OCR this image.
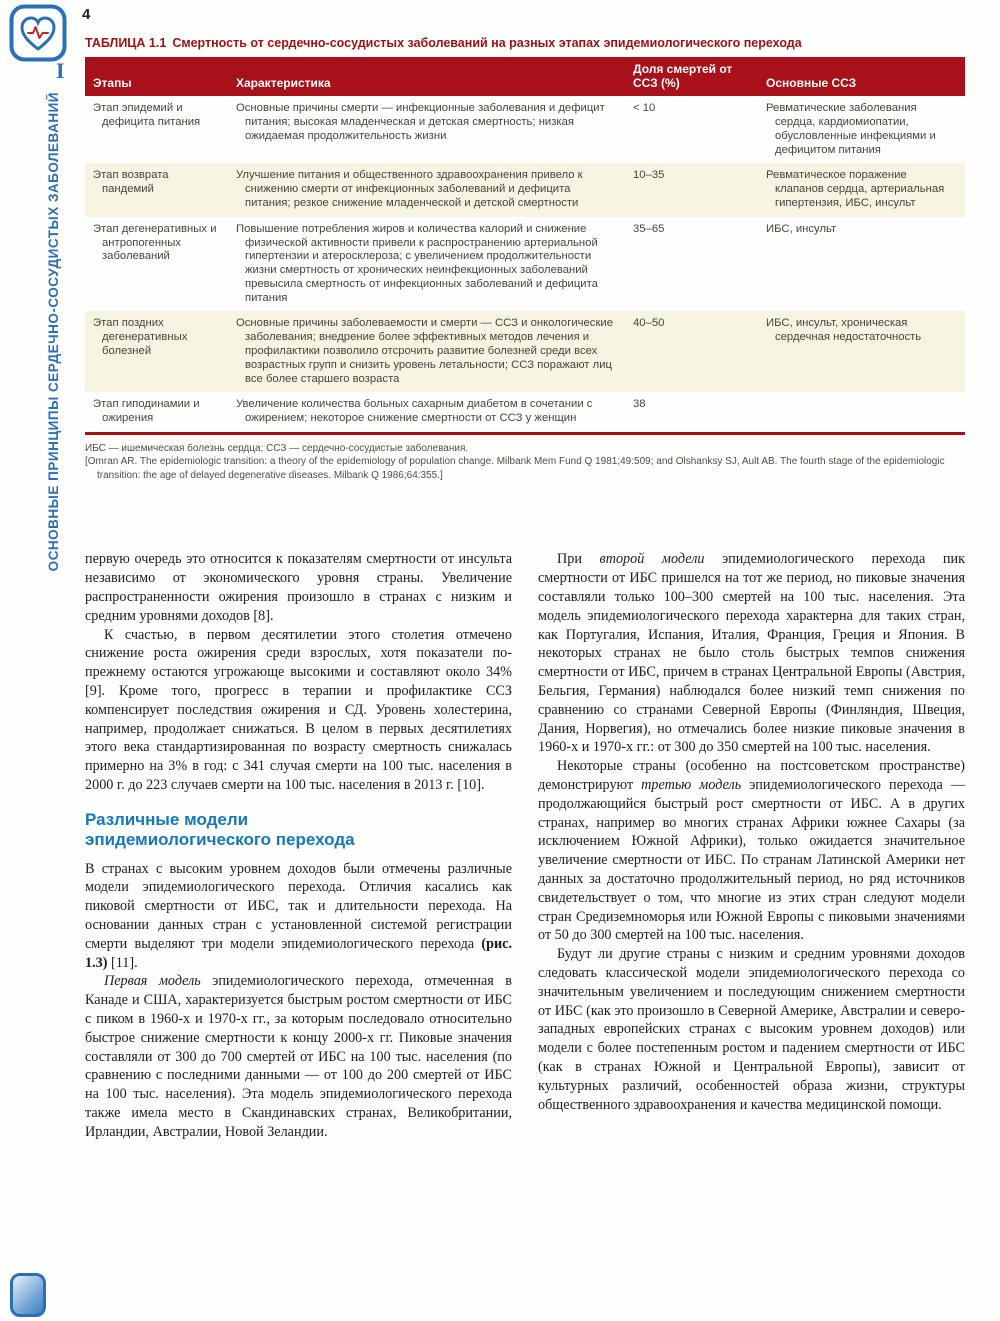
4
I
ОСНОВНЫЕ ПРИНЦИПЫ СЕРДЕЧНО-СОСУДИСТЫХ ЗАБОЛЕВАНИЙ
ТАБЛИЦА 1.1 Смертность от сердечно-сосудистых заболеваний на разных этапах эпидемиологического перехода
Этапы	Характеристика	Доля смертей от ССЗ (%)	Основные ССЗ
Этап эпидемий и дефицита питания	Основные причины смерти — инфекционные заболевания и дефицит питания; высокая младенческая и детская смертность; низкая ожидаемая продолжительность жизни	< 10	Ревматические заболевания сердца, кардиомиопатии, обусловленные инфекциями и дефицитом питания
Этап возврата пандемий	Улучшение питания и общественного здравоохранения привело к снижению смерти от инфекционных заболеваний и дефицита питания; резкое снижение младенческой и детской смертности	10–35	Ревматическое поражение клапанов сердца, артериальная гипертензия, ИБС, инсульт
Этап дегенеративных и антропогенных заболеваний	Повышение потребления жиров и количества калорий и снижение физической активности привели к распространению артериальной гипертензии и атеросклероза; с увеличением продолжительности жизни смертность от хронических неинфекционных заболеваний превысила смертность от инфекционных заболеваний и дефицита питания	35–65	ИБС, инсульт
Этап поздних дегенеративных болезней	Основные причины заболеваемости и смерти — ССЗ и онкологические заболевания; внедрение более эффективных методов лечения и профилактики позволило отсрочить развитие болезней среди всех возрастных групп и снизить уровень летальности; ССЗ поражают лиц все более старшего возраста	40–50	ИБС, инсульт, хроническая сердечная недостаточность
Этап гиподинамии и ожирения	Увеличение количества больных сахарным диабетом в сочетании с ожирением; некоторое снижение смертности от ССЗ у женщин	38	
ИБС — ишемическая болезнь сердца; ССЗ — сердечно-сосудистые заболевания.
[Omran AR. The epidemiologic transition: a theory of the epidemiology of population change. Milbank Mem Fund Q 1981;49:509; and Olshanksy SJ, Ault AB. The fourth stage of the epidemiologic transition: the age of delayed degenerative diseases. Milbank Q 1986;64:355.]

первую очередь это относится к показателям смертности от инсульта независимо от экономического уровня страны. Увеличение распространенности ожирения произошло в странах с низким и средним уровнями доходов [8].

К счастью, в первом десятилетии этого столетия отмечено снижение роста ожирения среди взрослых, хотя показатели по-прежнему остаются угрожающе высокими и составляют около 34% [9]. Кроме того, прогресс в терапии и профилактике ССЗ компенсирует последствия ожирения и СД. Уровень холестерина, например, продолжает снижаться. В целом в первых десятилетиях этого века стандартизированная по возрасту смертность снижалась примерно на 3% в год: с 341 случая смерти на 100 тыс. населения в 2000 г. до 223 случаев смерти на 100 тыс. населения в 2013 г. [10].

Различные модели эпидемиологического перехода

В странах с высоким уровнем доходов были отмечены различные модели эпидемиологического перехода. Отличия касались как пиковой смертности от ИБС, так и длительности перехода. На основании данных стран с установленной системой регистрации смерти выделяют три модели эпидемиологического перехода (рис. 1.3) [11].

Первая модель эпидемиологического перехода, отмеченная в Канаде и США, характеризуется быстрым ростом смертности от ИБС с пиком в 1960-х и 1970-х гг., за которым последовало относительно быстрое снижение смертности к концу 2000-х гг. Пиковые значения составляли от 300 до 700 смертей от ИБС на 100 тыс. населения (по сравнению с последними данными — от 100 до 200 смертей от ИБС на 100 тыс. населения). Эта модель эпидемиологического перехода также имела место в Скандинавских странах, Великобритании, Ирландии, Австралии, Новой Зеландии.

При второй модели эпидемиологического перехода пик смертности от ИБС пришелся на тот же период, но пиковые значения составляли только 100–300 смертей на 100 тыс. населения. Эта модель эпидемиологического перехода характерна для таких стран, как Португалия, Испания, Италия, Франция, Греция и Япония. В некоторых странах не было столь быстрых темпов снижения смертности от ИБС, причем в странах Центральной Европы (Австрия, Бельгия, Германия) наблюдался более низкий темп снижения по сравнению со странами Северной Европы (Финляндия, Швеция, Дания, Норвегия), но отмечались более низкие пиковые значения в 1960-х и 1970-х гг.: от 300 до 350 смертей на 100 тыс. населения.

Некоторые страны (особенно на постсоветском пространстве) демонстрируют третью модель эпидемиологического перехода — продолжающийся быстрый рост смертности от ИБС. А в других странах, например во многих странах Африки южнее Сахары (за исключением Южной Африки), только ожидается значительное увеличение смертности от ИБС. По странам Латинской Америки нет данных за достаточно продолжительный период, но ряд источников свидетельствует о том, что многие из этих стран следуют модели стран Средиземноморья или Южной Европы с пиковыми значениями от 50 до 300 смертей на 100 тыс. населения.

Будут ли другие страны с низким и средним уровнями доходов следовать классической модели эпидемиологического перехода со значительным увеличением и последующим снижением смертности от ИБС (как это произошло в Северной Америке, Австралии и северо-западных европейских странах с высоким уровнем доходов) или модели с более постепенным ростом и падением смертности от ИБС (как в странах Южной и Центральной Европы), зависит от культурных различий, особенностей образа жизни, структуры общественного здравоохранения и качества медицинской помощи.
